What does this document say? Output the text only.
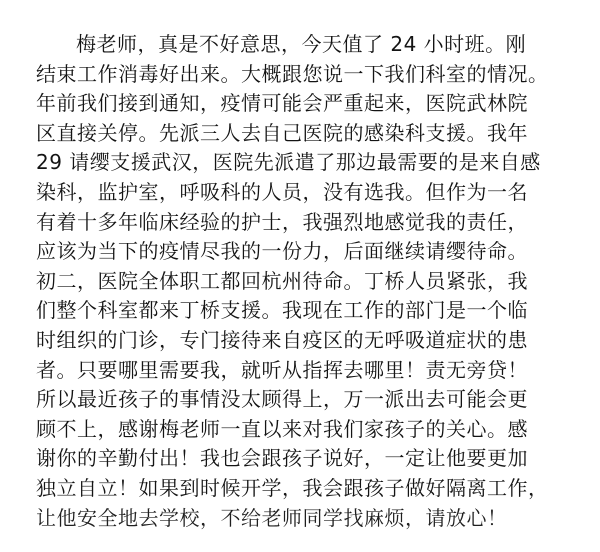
梅老师，真是不好意思，今天值了 24 小时班。刚
结束工作消毒好出来。大概跟您说一下我们科室的情况。
年前我们接到通知，疫情可能会严重起来，医院武林院
区直接关停。先派三人去自己医院的感染科支援。我年
29 请缨支援武汉，医院先派遣了那边最需要的是来自感
染科，监护室，呼吸科的人员，没有选我。但作为一名
有着十多年临床经验的护士，我强烈地感觉我的责任，
应该为当下的疫情尽我的一份力，后面继续请缨待命。
初二，医院全体职工都回杭州待命。丁桥人员紧张，我
们整个科室都来丁桥支援。我现在工作的部门是一个临
时组织的门诊，专门接待来自疫区的无呼吸道症状的患
者。只要哪里需要我，就听从指挥去哪里！责无旁贷！
所以最近孩子的事情没太顾得上，万一派出去可能会更
顾不上，感谢梅老师一直以来对我们家孩子的关心。感
谢你的辛勤付出！我也会跟孩子说好，一定让他要更加
独立自立！如果到时候开学，我会跟孩子做好隔离工作，
让他安全地去学校，不给老师同学找麻烦，请放心！
